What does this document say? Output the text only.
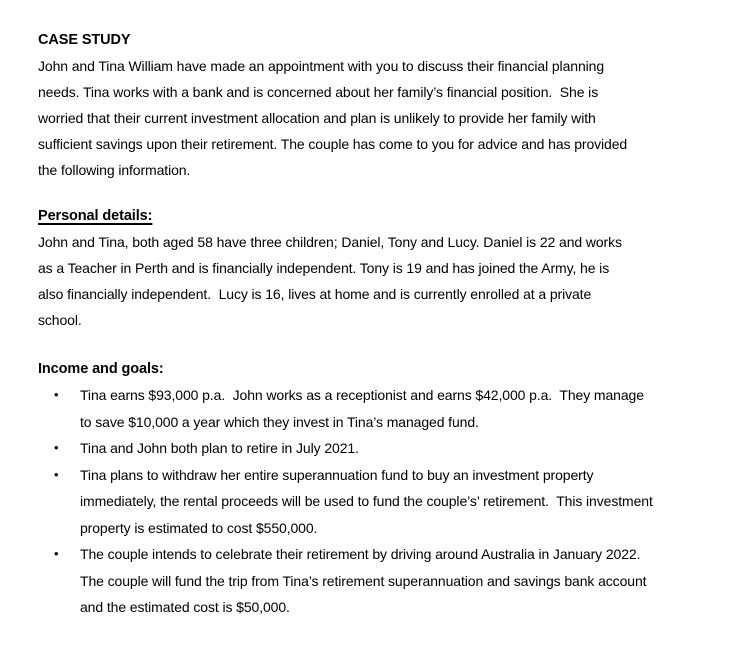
CASE STUDY

John and Tina William have made an appointment with you to discuss their financial planning
needs. Tina works with a bank and is concerned about her family’s financial position.  She is
worried that their current investment allocation and plan is unlikely to provide her family with
sufficient savings upon their retirement. The couple has come to you for advice and has provided
the following information.

Personal details:

John and Tina, both aged 58 have three children; Daniel, Tony and Lucy. Daniel is 22 and works
as a Teacher in Perth and is financially independent. Tony is 19 and has joined the Army, he is
also financially independent.  Lucy is 16, lives at home and is currently enrolled at a private
school.

Income and goals:
• Tina earns $93,000 p.a.  John works as a receptionist and earns $42,000 p.a.  They manage
to save $10,000 a year which they invest in Tina’s managed fund.
• Tina and John both plan to retire in July 2021.
• Tina plans to withdraw her entire superannuation fund to buy an investment property
immediately, the rental proceeds will be used to fund the couple’s’ retirement.  This investment
property is estimated to cost $550,000.
• The couple intends to celebrate their retirement by driving around Australia in January 2022.
The couple will fund the trip from Tina’s retirement superannuation and savings bank account
and the estimated cost is $50,000.
